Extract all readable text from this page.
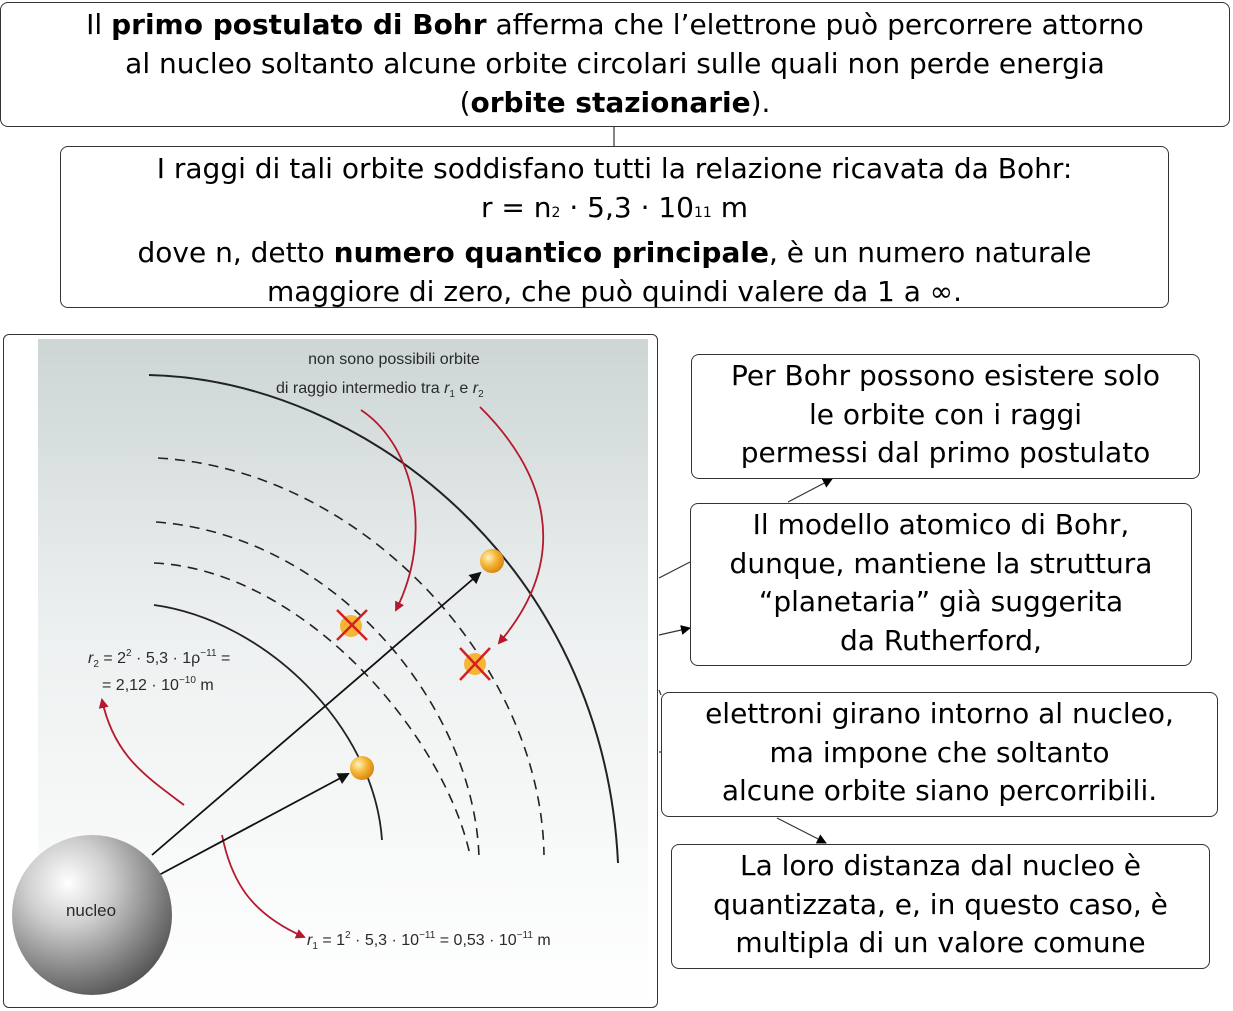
Il primo postulato di Bohr afferma che l’elettrone può percorrere attorno
al nucleo soltanto alcune orbite circolari sulle quali non perde energia
(orbite stazionarie).
I raggi di tali orbite soddisfano tutti la relazione ricavata da Bohr:
r = n2 · 5,3 · 1011 m
dove n, detto numero quantico principale, è un numero naturale
maggiore di zero, che può quindi valere da 1 a ∞.
Per Bohr possono esistere solo
le orbite con i raggi
permessi dal primo postulato
Il modello atomico di Bohr,
dunque, mantiene la struttura
“planetaria” già suggerita
da Rutherford,
elettroni girano intorno al nucleo,
ma impone che soltanto
alcune orbite siano percorribili.
La loro distanza dal nucleo è
quantizzata, e, in questo caso, è
multipla di un valore comune
nucleo
non sono possibili orbite
di raggio intermedio tra $r_1$ e $r_2$
$r_2 = 2^2 \cdot 5,3 \cdot 1\rho^{-11}$ =
= $2,12 \cdot 10^{-10}$ m
$r_1 = 1^2 \cdot 5,3 \cdot 10^{-11} = 0,53 \cdot 10^{-11}$ m
